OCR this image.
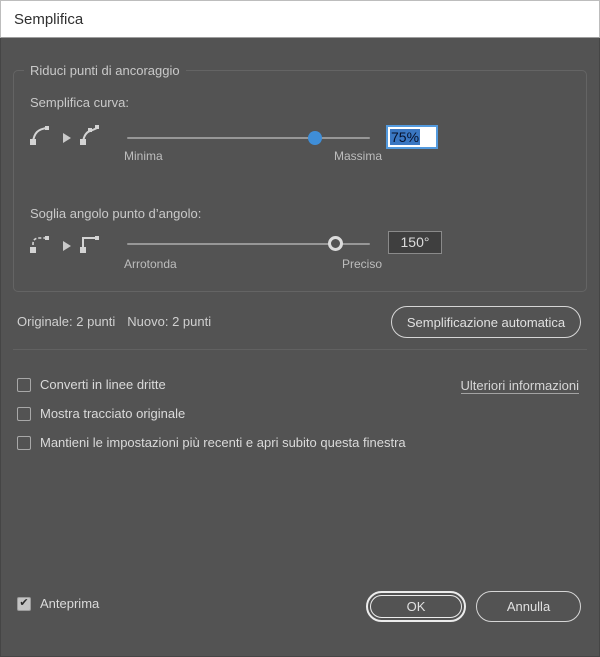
Semplifica
Riduci punti di ancoraggio
Semplifica curva:
Minima	Massima
75%
Soglia angolo punto d’angolo:
Arrotonda	Preciso
150°
Originale: 2 punti Nuovo: 2 punti	Semplificazione automatica
Converti in linee dritte	Ulteriori informazioni
Mostra tracciato originale
Mantieni le impostazioni più recenti e apri subito questa finestra
✔ Anteprima	OK	Annulla
